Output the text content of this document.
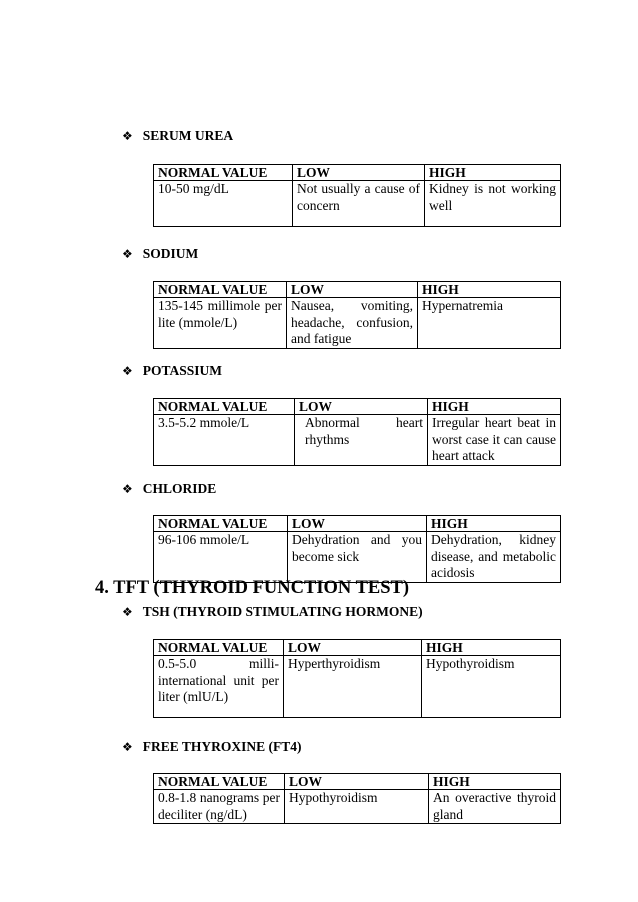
❖ SERUM UREA
NORMAL VALUE	LOW	HIGH
10-50 mg/dL	Not usually a cause of concern	Kidney is not working well
❖ SODIUM
NORMAL VALUE	LOW	HIGH
135-145 millimole per lite (mmole/L)	Nausea, vomiting, headache, confusion, and fatigue	Hypernatremia
❖ POTASSIUM
NORMAL VALUE	LOW	HIGH
3.5-5.2 mmole/L	Abnormal heart rhythms	Irregular heart beat in worst case it can cause heart attack
❖ CHLORIDE
NORMAL VALUE	LOW	HIGH
96-106 mmole/L	Dehydration and you become sick	Dehydration, kidney disease, and metabolic acidosis
4. TFT (THYROID FUNCTION TEST)
❖ TSH (THYROID STIMULATING HORMONE)
NORMAL VALUE	LOW	HIGH
0.5-5.0 milli-international unit per liter (mlU/L)	Hyperthyroidism	Hypothyroidism
❖ FREE THYROXINE (FT4)
NORMAL VALUE	LOW	HIGH
0.8-1.8 nanograms per deciliter (ng/dL)	Hypothyroidism	An overactive thyroid gland
